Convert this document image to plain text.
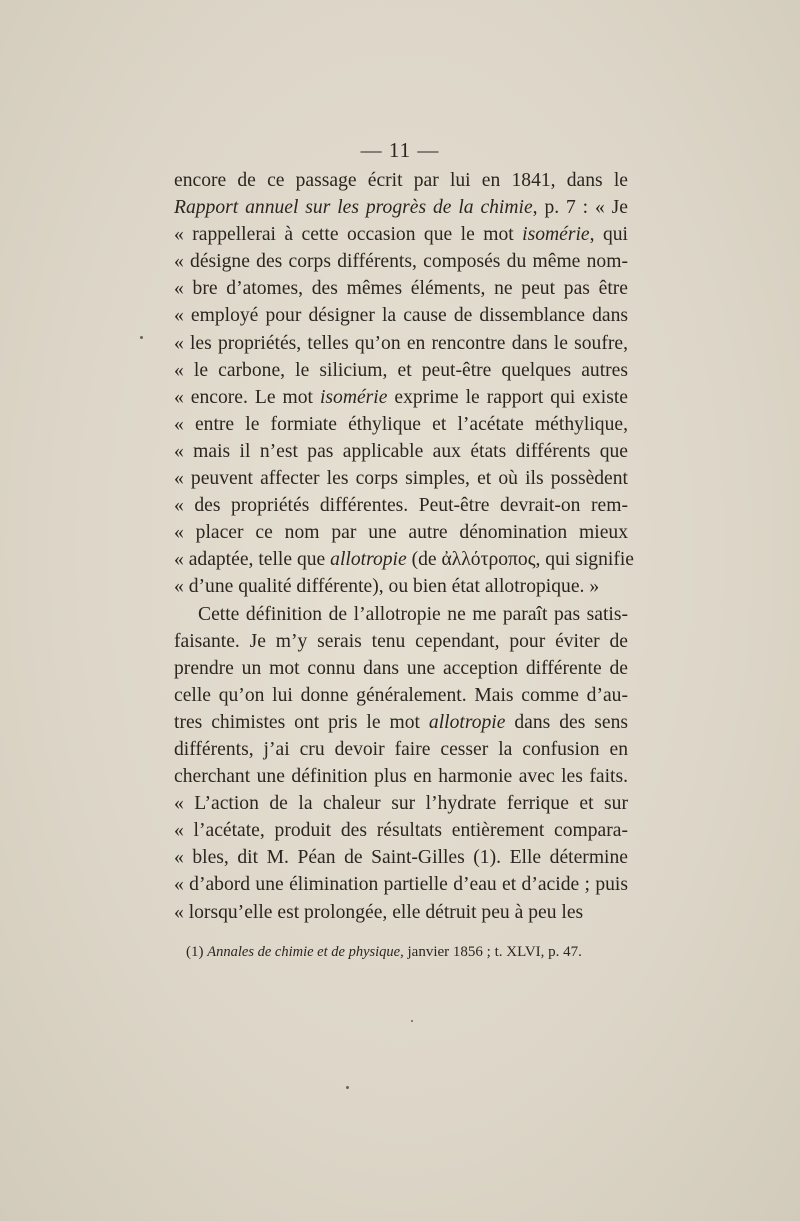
— 11 —
encore de ce passage écrit par lui en 1841, dans le
Rapport annuel sur les progrès de la chimie, p. 7 : « Je
« rappellerai à cette occasion que le mot isomérie, qui
« désigne des corps différents, composés du même nom-
« bre d’atomes, des mêmes éléments, ne peut pas être
« employé pour désigner la cause de dissemblance dans
« les propriétés, telles qu’on en rencontre dans le soufre,
« le carbone, le silicium, et peut-être quelques autres
« encore. Le mot isomérie exprime le rapport qui existe
« entre le formiate éthylique et l’acétate méthylique,
« mais il n’est pas applicable aux états différents que
« peuvent affecter les corps simples, et où ils possèdent
« des propriétés différentes. Peut-être devrait-on rem-
« placer ce nom par une autre dénomination mieux
« adaptée, telle que allotropie (de ἀλλότροπος, qui signifie
« d’une qualité différente), ou bien état allotropique. »
Cette définition de l’allotropie ne me paraît pas satis-
faisante. Je m’y serais tenu cependant, pour éviter de
prendre un mot connu dans une acception différente de
celle qu’on lui donne généralement. Mais comme d’au-
tres chimistes ont pris le mot allotropie dans des sens
différents, j’ai cru devoir faire cesser la confusion en
cherchant une définition plus en harmonie avec les faits.
« L’action de la chaleur sur l’hydrate ferrique et sur
« l’acétate, produit des résultats entièrement compara-
« bles, dit M. Péan de Saint-Gilles (1). Elle détermine
« d’abord une élimination partielle d’eau et d’acide ; puis
« lorsqu’elle est prolongée, elle détruit peu à peu les
(1) Annales de chimie et de physique, janvier 1856 ; t. XLVI, p. 47.
